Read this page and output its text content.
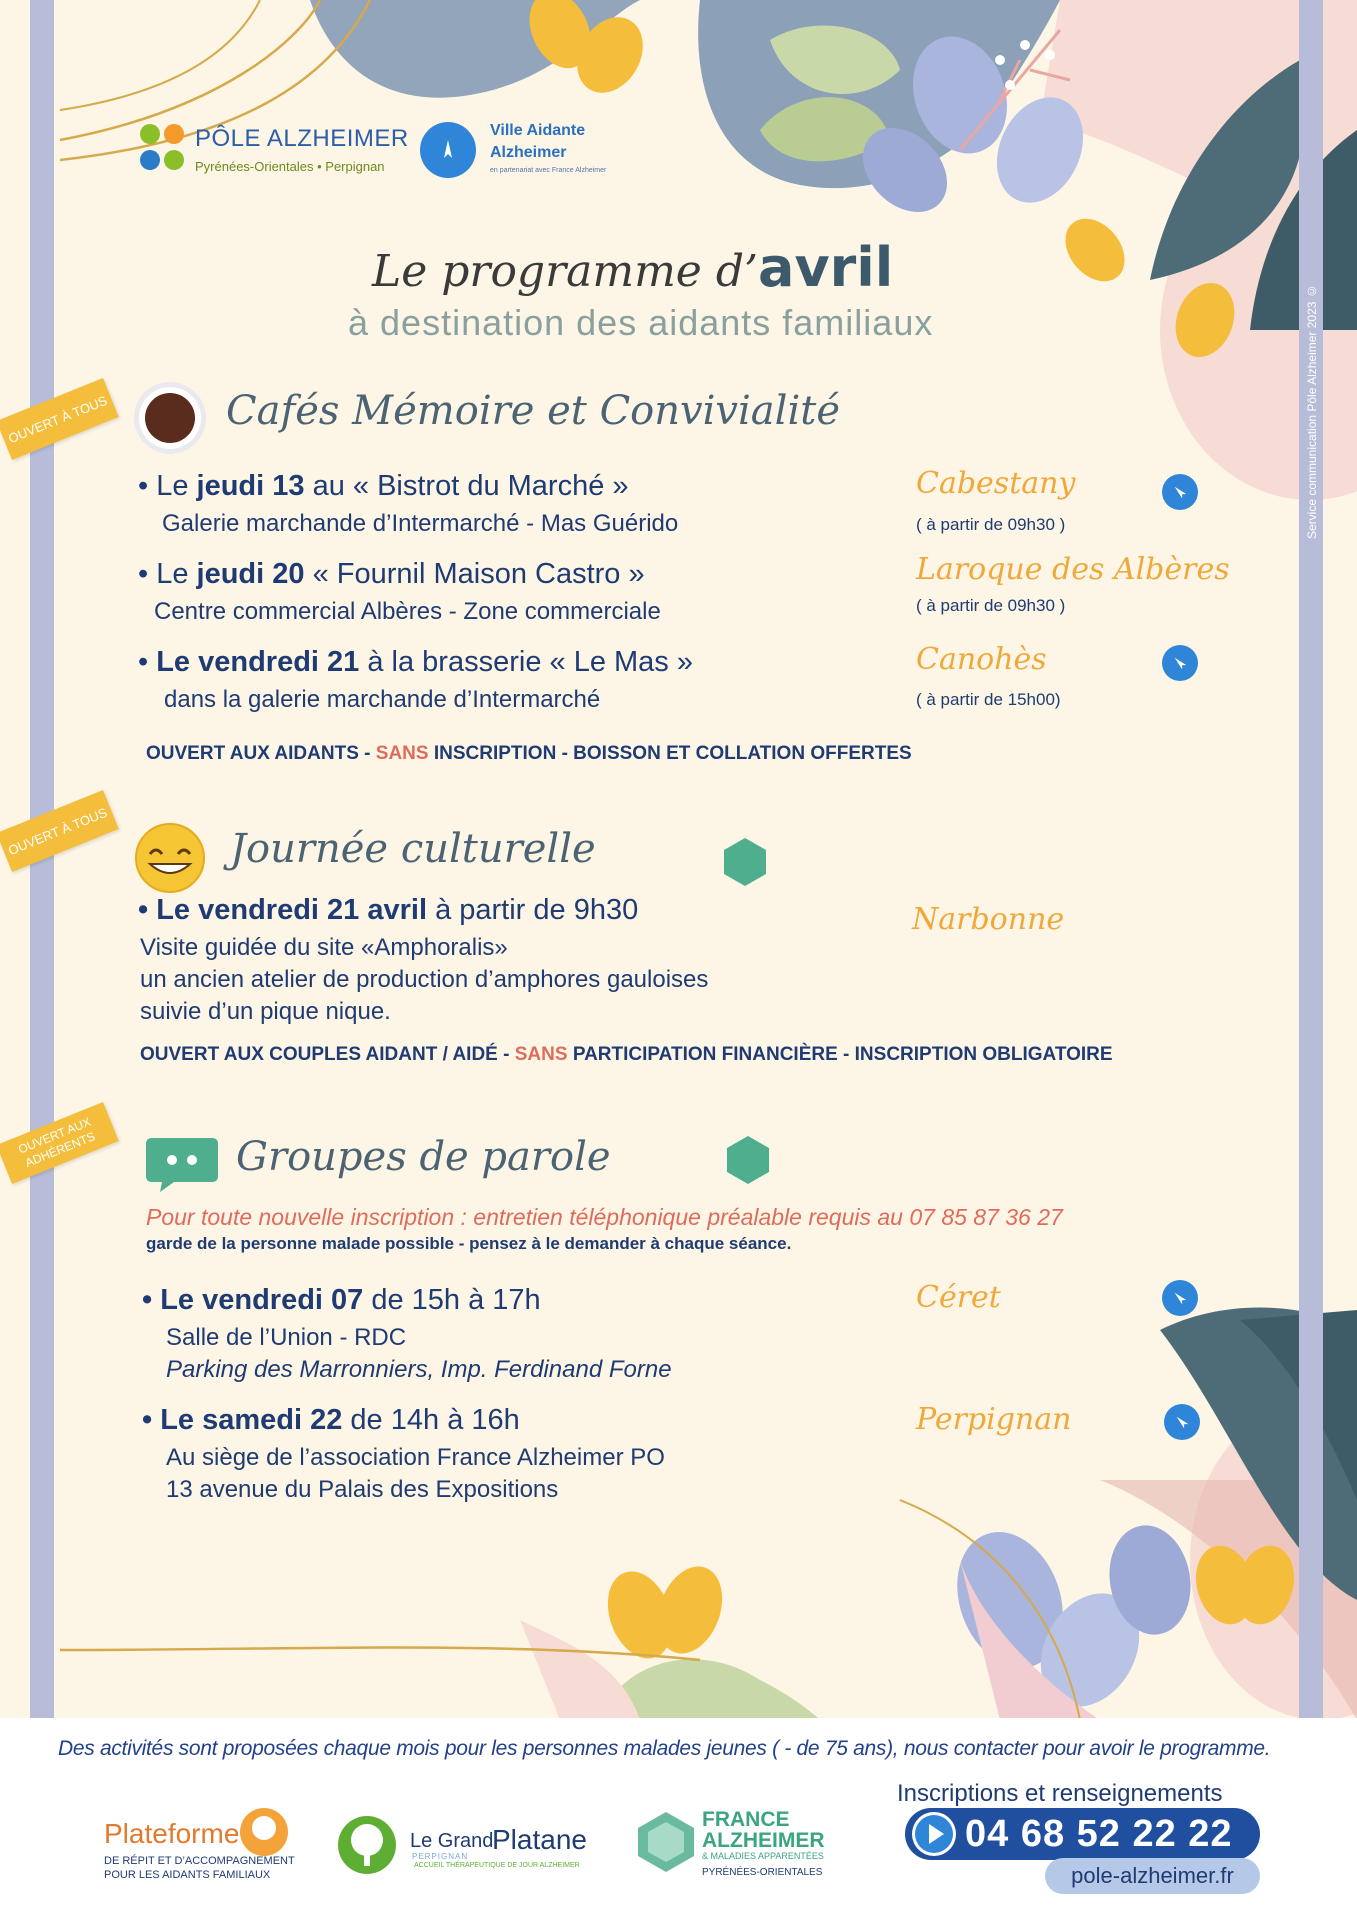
Service communication Pôle Alzheimer 2023 ©
PÔLE ALZHEIMER
Pyrénées-Orientales • Perpignan
Ville Aidante
Alzheimer
en partenariat avec France Alzheimer
Le programme d’avril
à destination des aidants familiaux
OUVERT À TOUS	Cafés Mémoire et Convivialité
• Le jeudi 13 au « Bistrot du Marché »
Galerie marchande d’Intermarché - Mas Guérido
Cabestany
( à partir de 09h30 )
• Le jeudi 20 « Fournil Maison Castro »
Centre commercial Albères - Zone commerciale
Laroque des Albères
( à partir de 09h30 )
• Le vendredi 21 à la brasserie « Le Mas »
dans la galerie marchande d’Intermarché
Canohès
( à partir de 15h00)
OUVERT AUX AIDANTS - SANS INSCRIPTION - BOISSON ET COLLATION OFFERTES
OUVERT À TOUS	Journée culturelle
• Le vendredi 21 avril à partir de 9h30
Visite guidée du site «Amphoralis»
un ancien atelier de production d’amphores gauloises
suivie d’un pique nique.
Narbonne
OUVERT AUX COUPLES AIDANT / AIDÉ - SANS PARTICIPATION FINANCIÈRE - INSCRIPTION OBLIGATOIRE
OUVERT AUX ADHÉRENTS	Groupes de parole
Pour toute nouvelle inscription : entretien téléphonique préalable requis au 07 85 87 36 27
garde de la personne malade possible - pensez à le demander à chaque séance.
• Le vendredi 07 de 15h à 17h
Salle de l’Union - RDC
Parking des Marronniers, Imp. Ferdinand Forne
Céret
• Le samedi 22 de 14h à 16h
Au siège de l’association France Alzheimer PO
13 avenue du Palais des Expositions
Perpignan
Des activités sont proposées chaque mois pour les personnes malades jeunes ( - de 75 ans), nous contacter pour avoir le programme.
Plateforme
DE RÉPIT ET D’ACCOMPAGNEMENT
POUR LES AIDANTS FAMILIAUX
Le Grand
PERPIGNAN
Platane
ACCUEIL THÉRAPEUTIQUE DE JOUR ALZHEIMER
FRANCE
ALZHEIMER
& MALADIES APPARENTÉES
PYRÉNÉES-ORIENTALES
Inscriptions et renseignements
04 68 52 22 22
pole-alzheimer.fr
